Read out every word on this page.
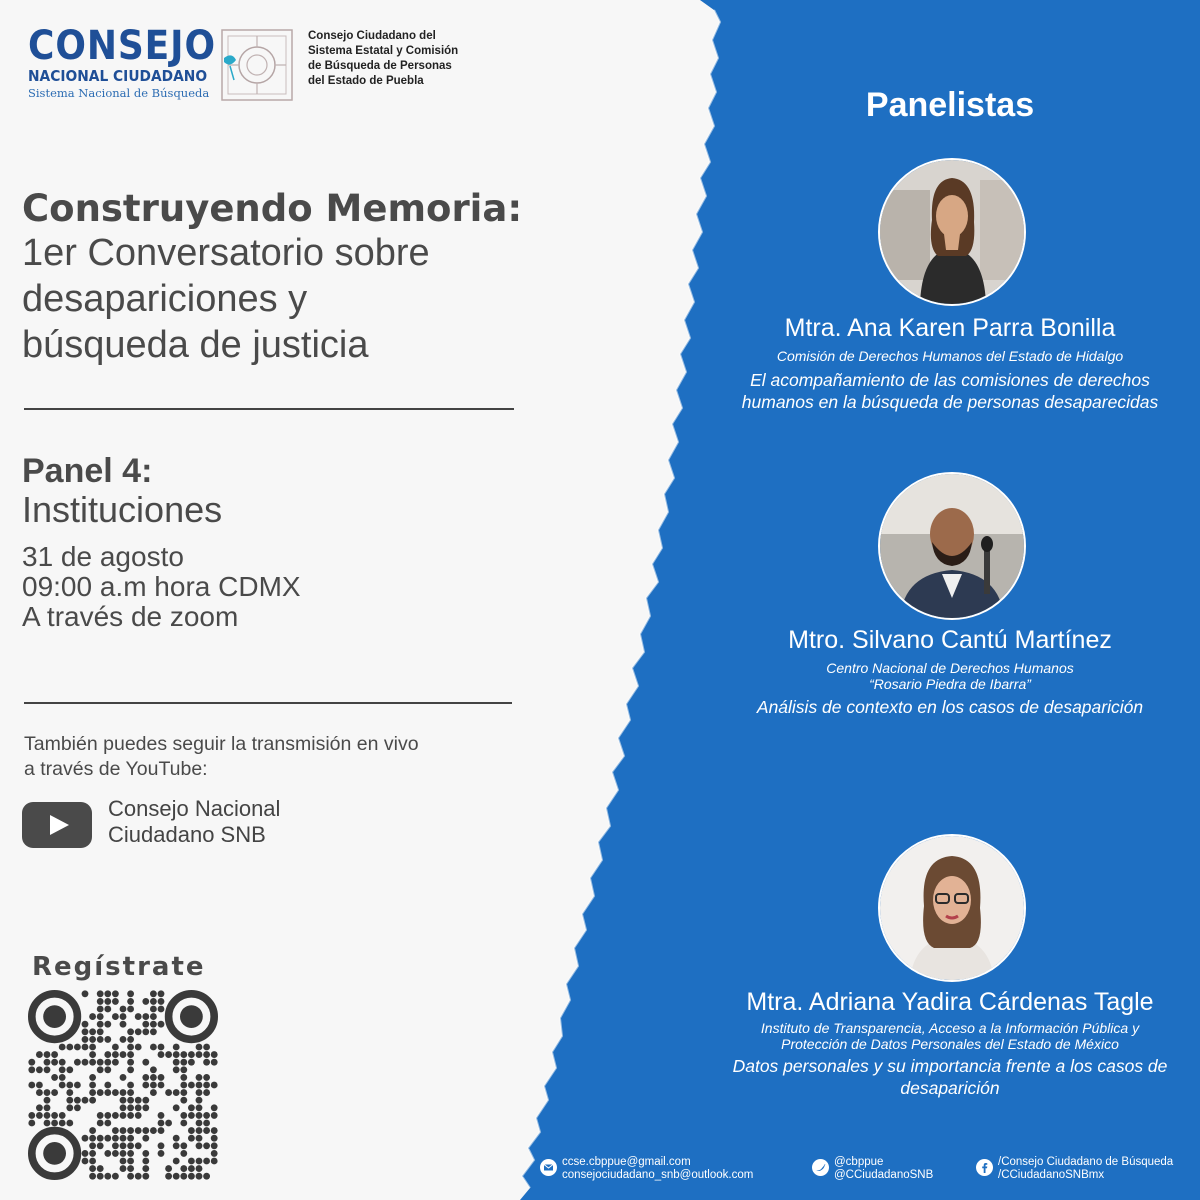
CONSEJO
NACIONAL CIUDADANO
Sistema Nacional de Búsqueda
Consejo Ciudadano del
Sistema Estatal y Comisión
de Búsqueda de Personas
del Estado de Puebla
Construyendo Memoria:
1er Conversatorio sobre
desapariciones y
búsqueda de justicia
Panel 4:
Instituciones
31 de agosto
09:00 a.m hora CDMX
A través de zoom
También puedes seguir la transmisión en vivo
a través de YouTube:
Consejo Nacional
Ciudadano SNB
Regístrate
Panelistas
Mtra. Ana Karen Parra Bonilla
Comisión de Derechos Humanos del Estado de Hidalgo
El acompañamiento de las comisiones de derechos
humanos en la búsqueda de personas desaparecidas
Mtro. Silvano Cantú Martínez
Centro Nacional de Derechos Humanos
“Rosario Piedra de Ibarra”
Análisis de contexto en los casos de desaparición
Mtra. Adriana Yadira Cárdenas Tagle
Instituto de Transparencia, Acceso a la Información Pública y
Protección de Datos Personales del Estado de México
Datos personales y su importancia frente a los casos de
desaparición
ccse.cbppue@gmail.com
consejociudadano_snb@outlook.com
@cbppue
@CCiudadanoSNB
/Consejo Ciudadano de Búsqueda
/CCiudadanoSNBmx
